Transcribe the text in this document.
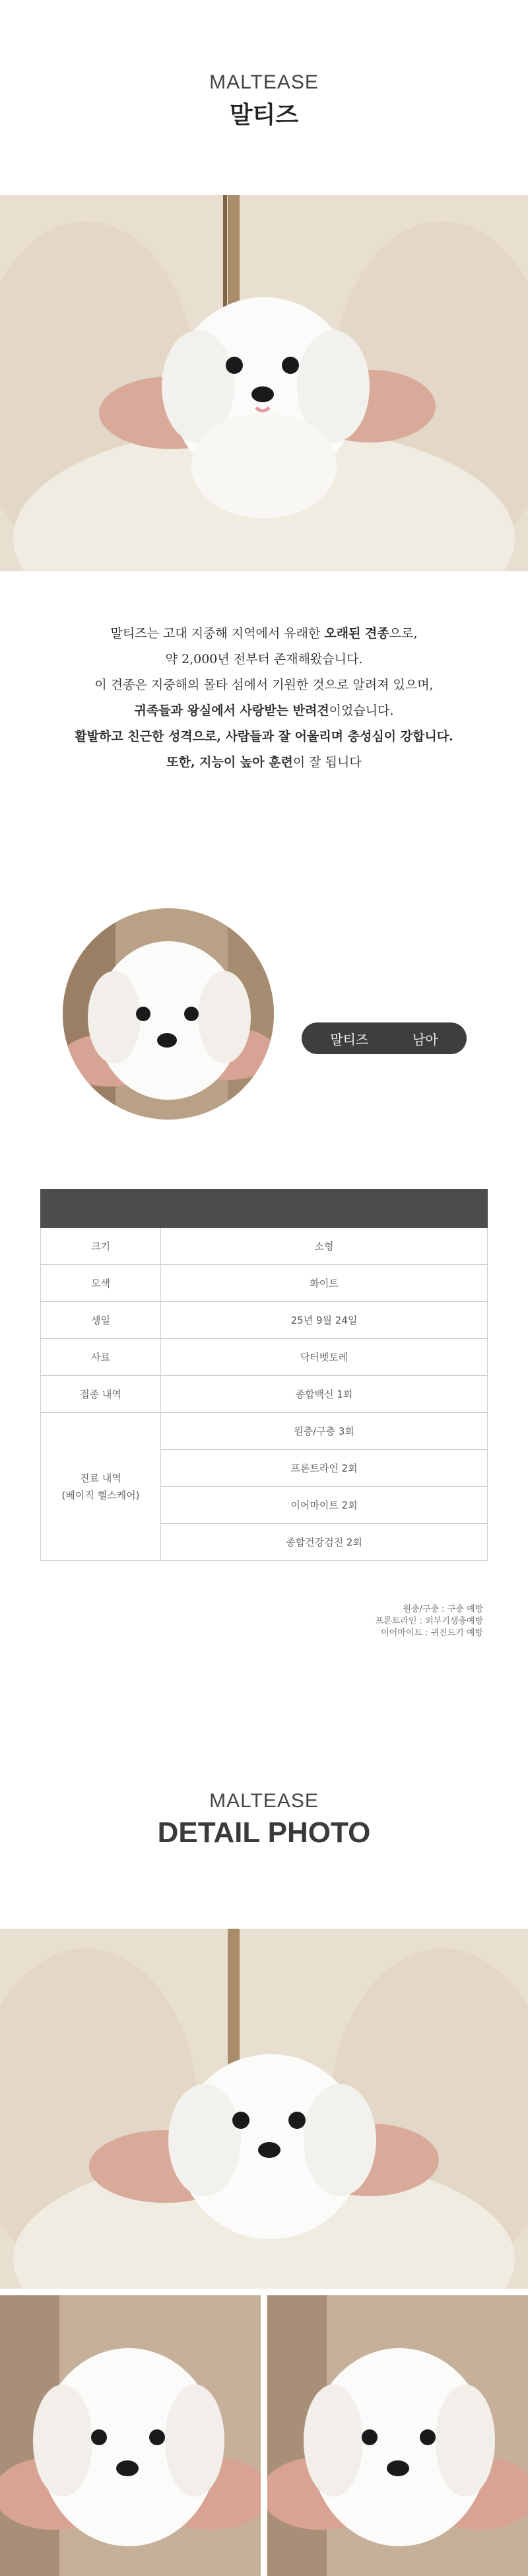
MALTEASE
말티즈
말티즈는 고대 지중해 지역에서 유래한 오래된 견종으로,
약 2,000년 전부터 존재해왔습니다.
이 견종은 지중해의 몰타 섬에서 기원한 것으로 알려져 있으며,
귀족들과 왕실에서 사랑받는 반려견이었습니다.
활발하고 친근한 성격으로, 사람들과 잘 어울리며 충성심이 강합니다.
또한, 지능이 높아 훈련이 잘 됩니다
말티즈	남아

크기	소형
모색	화이트
생일	25년 9월 24일
사료	닥터벳토레
접종 내역	종합백신 1회

진료 내역
(베이직 헬스케어)	원충/구충 3회
	프론트라인 2회
	이어마이트 2회
	종합건강검진 2회
원충/구충 : 구충 예방
프론트라인 : 외부기생충예방
이어마이트 : 귀진드기 예방
MALTEASE
DETAIL PHOTO
